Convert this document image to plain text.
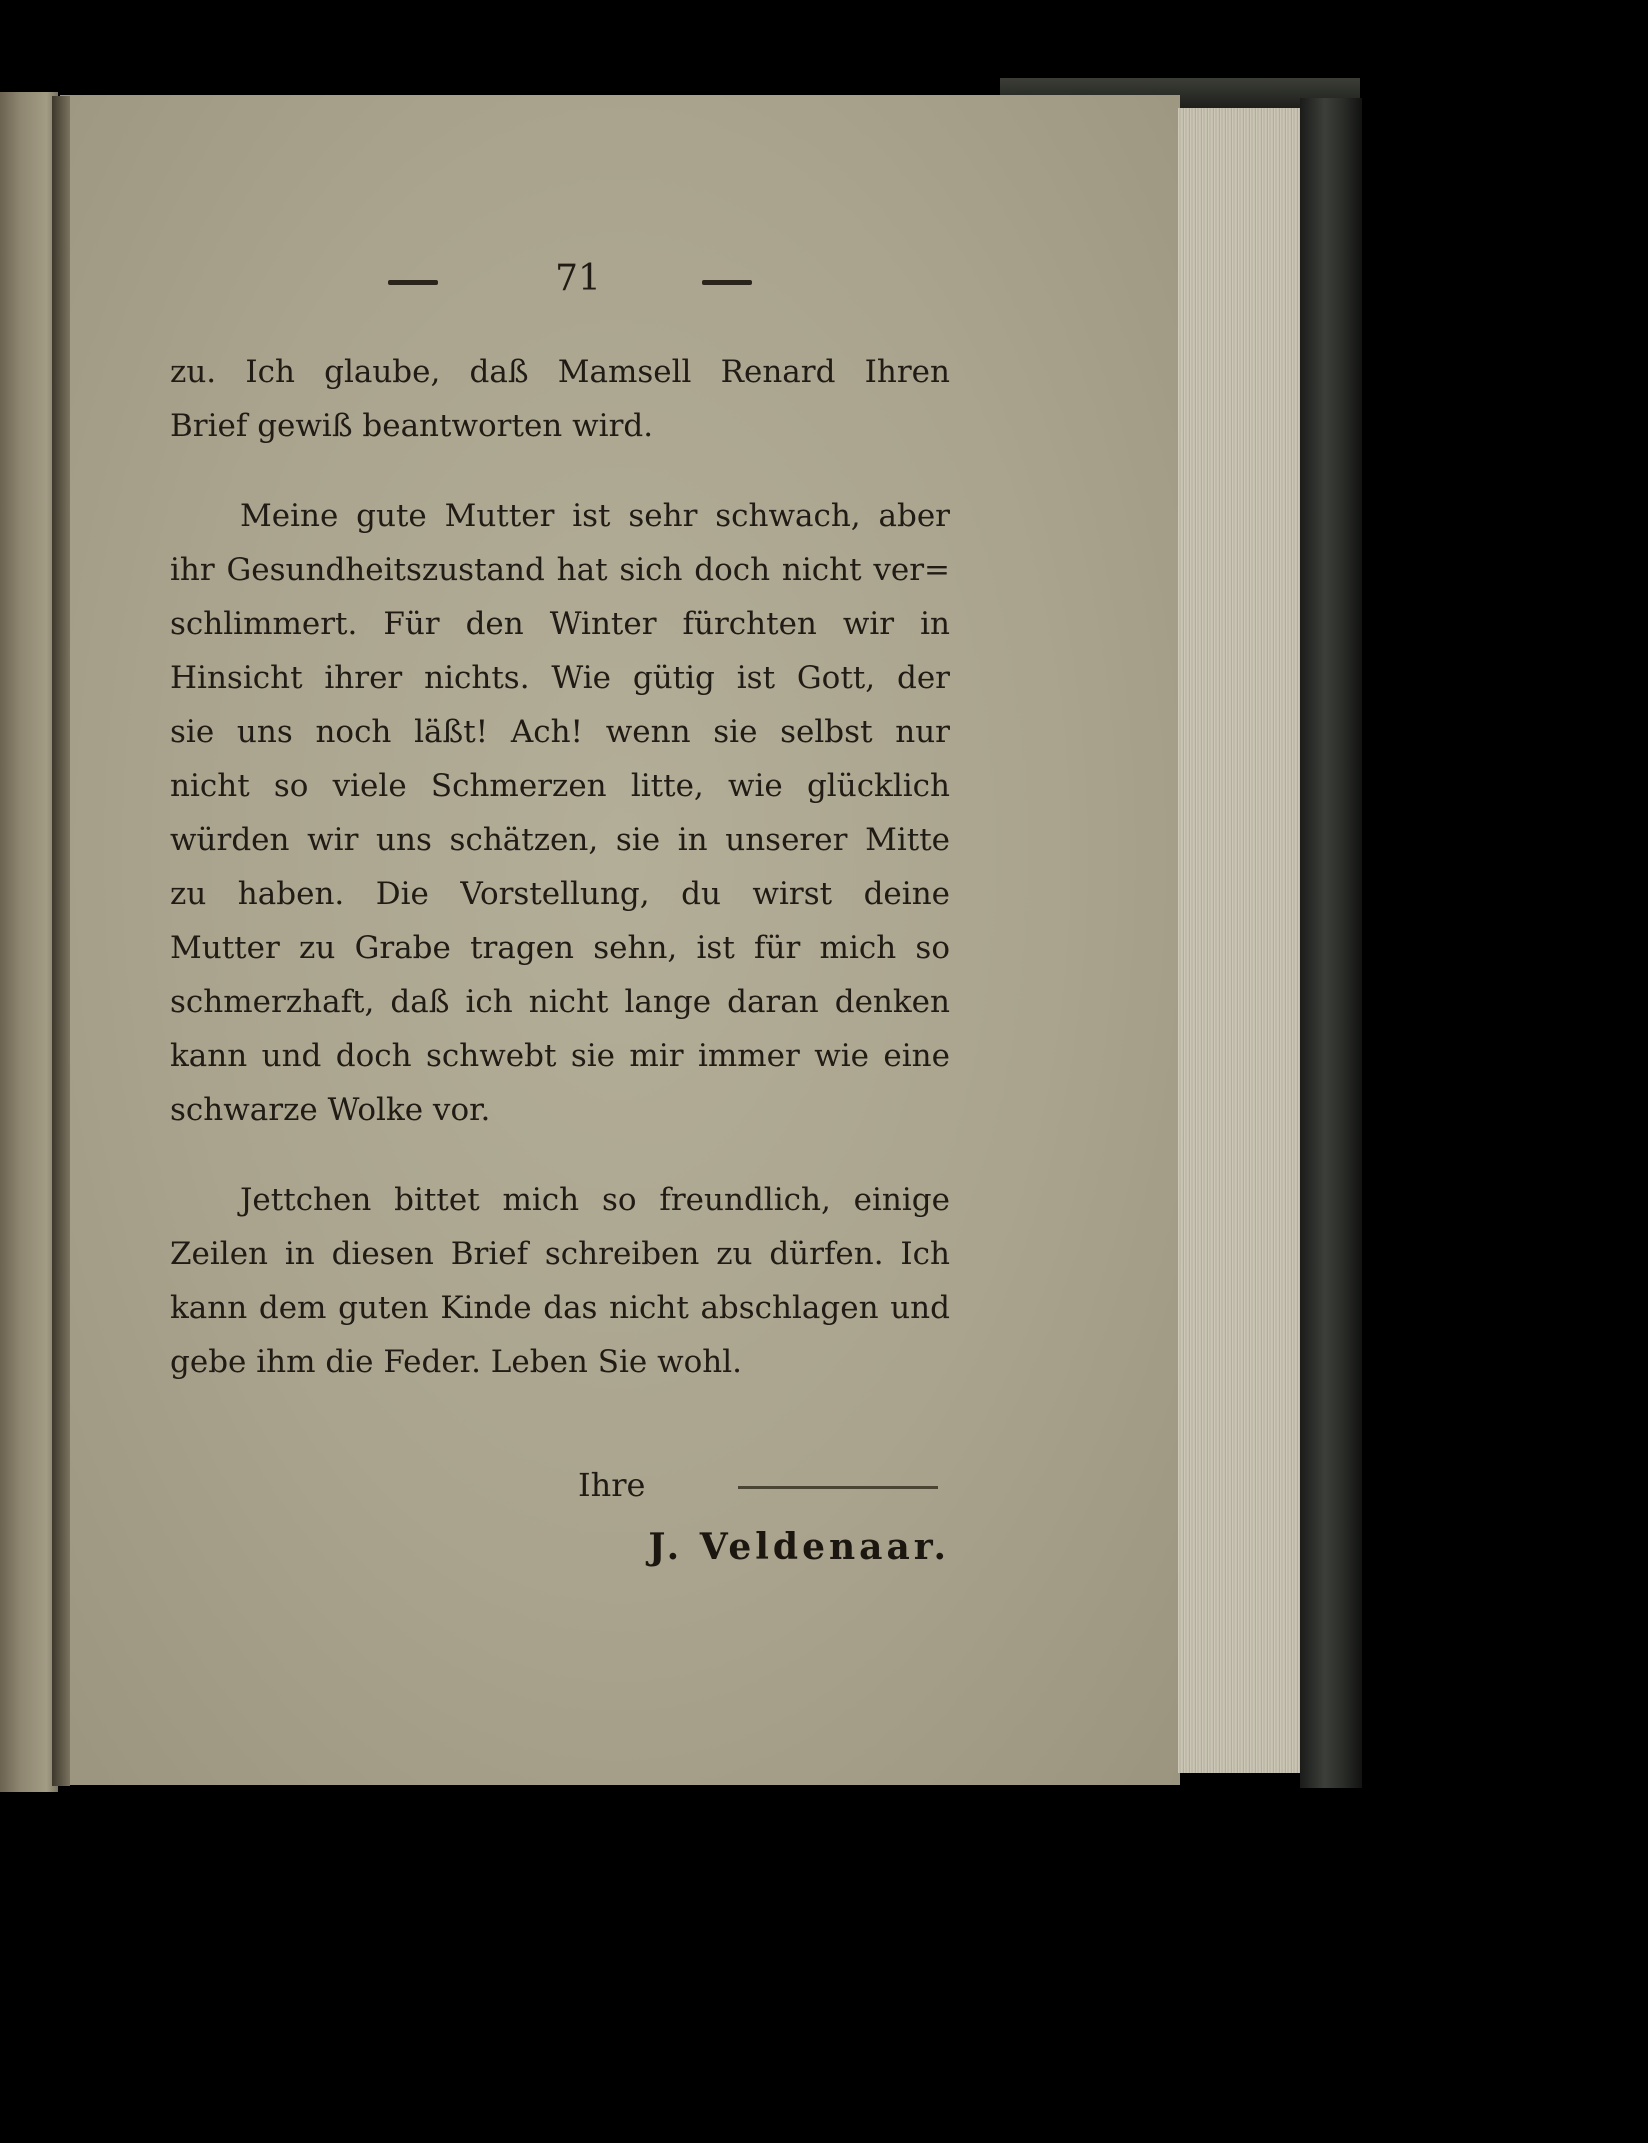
71
zu. Ich glaube, daß Mamsell Renard Ihren
Brief gewiß beantworten wird.
Meine gute Mutter ist sehr schwach, aber
ihr Gesundheitszustand hat sich doch nicht ver=
schlimmert. Für den Winter fürchten wir in
Hinsicht ihrer nichts. Wie gütig ist Gott, der
sie uns noch läßt! Ach! wenn sie selbst nur
nicht so viele Schmerzen litte, wie glücklich
würden wir uns schätzen, sie in unserer Mitte
zu haben. Die Vorstellung, du wirst deine
Mutter zu Grabe tragen sehn, ist für mich so
schmerzhaft, daß ich nicht lange daran denken
kann und doch schwebt sie mir immer wie eine
schwarze Wolke vor.
Jettchen bittet mich so freundlich, einige
Zeilen in diesen Brief schreiben zu dürfen. Ich
kann dem guten Kinde das nicht abschlagen und
gebe ihm die Feder. Leben Sie wohl.
Ihre
J. Veldenaar.
